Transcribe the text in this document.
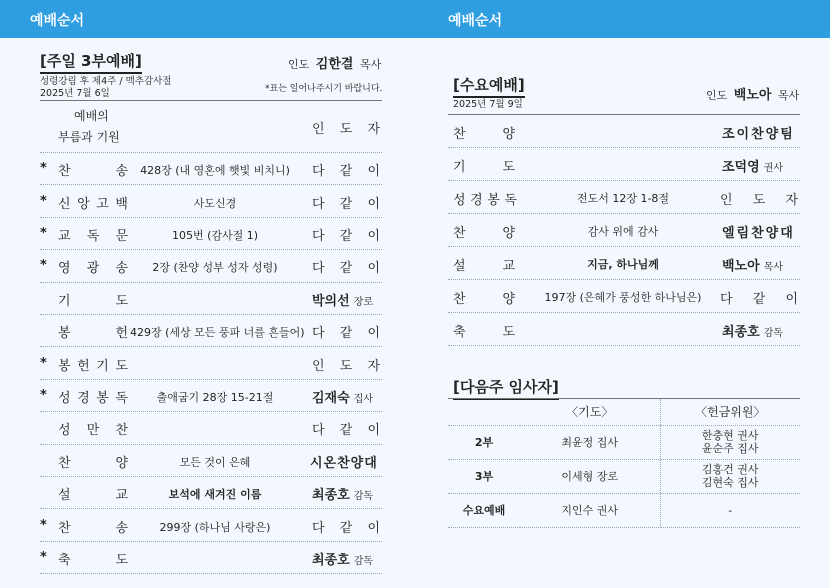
예배순서	예배순서
[주일 3부예배]	인도 김한결 목사
성령강림 후 제4주 / 맥추감사절
2025년 7월 6일	*표는 일어나주시기 바랍니다.
예배의
부름과 기원	인 도 자
* 찬	송	428장 (내 영혼에 햇빛 비치니)	다 같 이
* 신 앙 고 백	사도신경	다 같 이
* 교 독 문	105번 (감사절 1)	다 같 이
* 영 광 송	2장 (찬양 성부 성자 성령)	다 같 이
기	도	박의선 장로
봉	헌 429장 (세상 모든 풍파 너를 흔들어) 다 같 이
* 봉 헌 기 도	인 도 자
* 성 경 봉 독	출애굽기 28장 15-21절	김재숙 집사
성 만 찬	다 같 이
찬	양	모든 것이 은혜	시온찬양대
설	교	보석에 새겨진 이름	최종호 감독
* 찬	송	299장 (하나님 사랑은)	다 같 이
* 축	도	최종호 감독
[수요예배]
2025년 7월 9일
인도 백노아 목사
찬	양	조이찬양팀
기	도	조덕영 권사
성 경 봉 독	전도서 12장 1-8절	인 도 자
찬	양	감사 위에 감사	엘림찬양대
설	교	지금, 하나님께	백노아 목사
찬	양	197장 (은혜가 풍성한 하나님은)	다 같 이
축	도	최종호 감독
[다음주 임사자]
	〈기도〉	〈헌금위원〉
2부	최윤정 집사	한충현 권사
윤순주 집사

3부	이세형 장로	김홍건 권사
김현숙 집사

수요예배	지인수 권사	-
